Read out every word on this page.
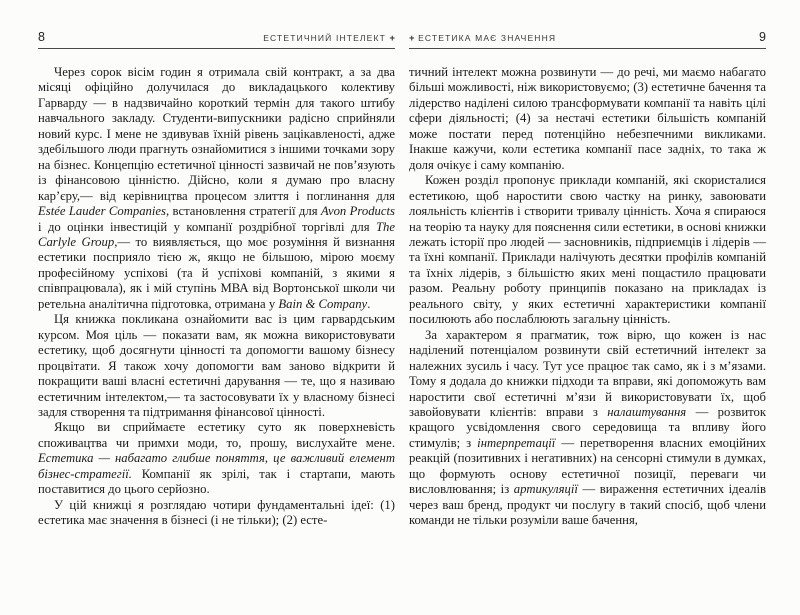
8	ЕСТЕТИЧНИЙ ІНТЕЛЕКТ +

Через сорок вісім годин я отримала свій контракт, а за два місяці офіційно долучилася до викладацького колективу Гарварду — в надзвичайно короткий термін для такого штибу навчального закладу. Студенти-випускники радісно сприйняли новий курс. І мене не здивував їхній рівень зацікавленості, адже здебільшого люди прагнуть ознайомитися з іншими точками зору на бізнес. Концепцію естетичної цінності зазвичай не пов’язують із фінансовою цінністю. Дійсно, коли я думаю про власну кар’єру,— від керівництва процесом злиття і поглинання для Estée Lauder Companies, встановлення стратегії для Avon Products і до оцінки інвестицій у компанії роздрібної торгівлі для The Carlyle Group,— то виявляється, що моє розуміння й визнання естетики посприяло тією ж, якщо не більшою, мірою моєму професійному успіхові (та й успіхові компаній, з якими я співпрацювала), як і мій ступінь МВА від Вортонської школи чи ретельна аналітична підготовка, отримана у Bain & Company.

Ця книжка покликана ознайомити вас із цим гарвардським курсом. Моя ціль — показати вам, як можна використовувати естетику, щоб досягнути цінності та допомогти вашому бізнесу процвітати. Я також хочу допомогти вам заново відкрити й покращити ваші власні естетичні дарування — те, що я називаю естетичним інтелектом,— та застосовувати їх у власному бізнесі задля створення та підтримання фінансової цінності.

Якщо ви сприймаєте естетику суто як поверхневість споживацтва чи примхи моди, то, прошу, вислухайте мене. Естетика — набагато глибше поняття, це важливий елемент бізнес-стратегії. Компанії як зрілі, так і стартапи, мають поставитися до цього серйозно.

У цій книжці я розглядаю чотири фундаментальні ідеї: (1) естетика має значення в бізнесі (і не тільки); (2) есте-

+ ЕСТЕТИКА МАЄ ЗНАЧЕННЯ	9

тичний інтелект можна розвинути — до речі, ми маємо набагато більші можливості, ніж використовуємо; (3) естетичне бачення та лідерство наділені силою трансформувати компанії та навіть цілі сфери діяльності; (4) за нестачі естетики більшість компаній може постати перед потенційно небезпечними викликами. Інакше кажучи, коли естетика компанії пасе задніх, то така ж доля очікує і саму компанію.

Кожен розділ пропонує приклади компаній, які скористалися естетикою, щоб наростити свою частку на ринку, завоювати лояльність клієнтів і створити тривалу цінність. Хоча я спираюся на теорію та науку для пояснення сили естетики, в основі книжки лежать історії про людей — засновників, підприємців і лідерів — та їхні компанії. Приклади налічують десятки профілів компаній та їхніх лідерів, з більшістю яких мені пощастило працювати разом. Реальну роботу принципів показано на прикладах із реального світу, у яких естетичні характеристики компанії посилюють або послаблюють загальну цінність.

За характером я прагматик, тож вірю, що кожен із нас наділений потенціалом розвинути свій естетичний інтелект за належних зусиль і часу. Тут усе працює так само, як і з м’язами. Тому я додала до книжки підходи та вправи, які допоможуть вам наростити свої естетичні м’язи й використовувати їх, щоб завойовувати клієнтів: вправи з налаштування — розвиток кращого усвідомлення свого середовища та впливу його стимулів; з інтерпретації — перетворення власних емоційних реакцій (позитивних і негативних) на сенсорні стимули в думках, що формують основу естетичної позиції, переваги чи висловлювання; із артикуляції — вираження естетичних ідеалів через ваш бренд, продукт чи послугу в такий спосіб, щоб члени команди не тільки розуміли ваше бачення,
